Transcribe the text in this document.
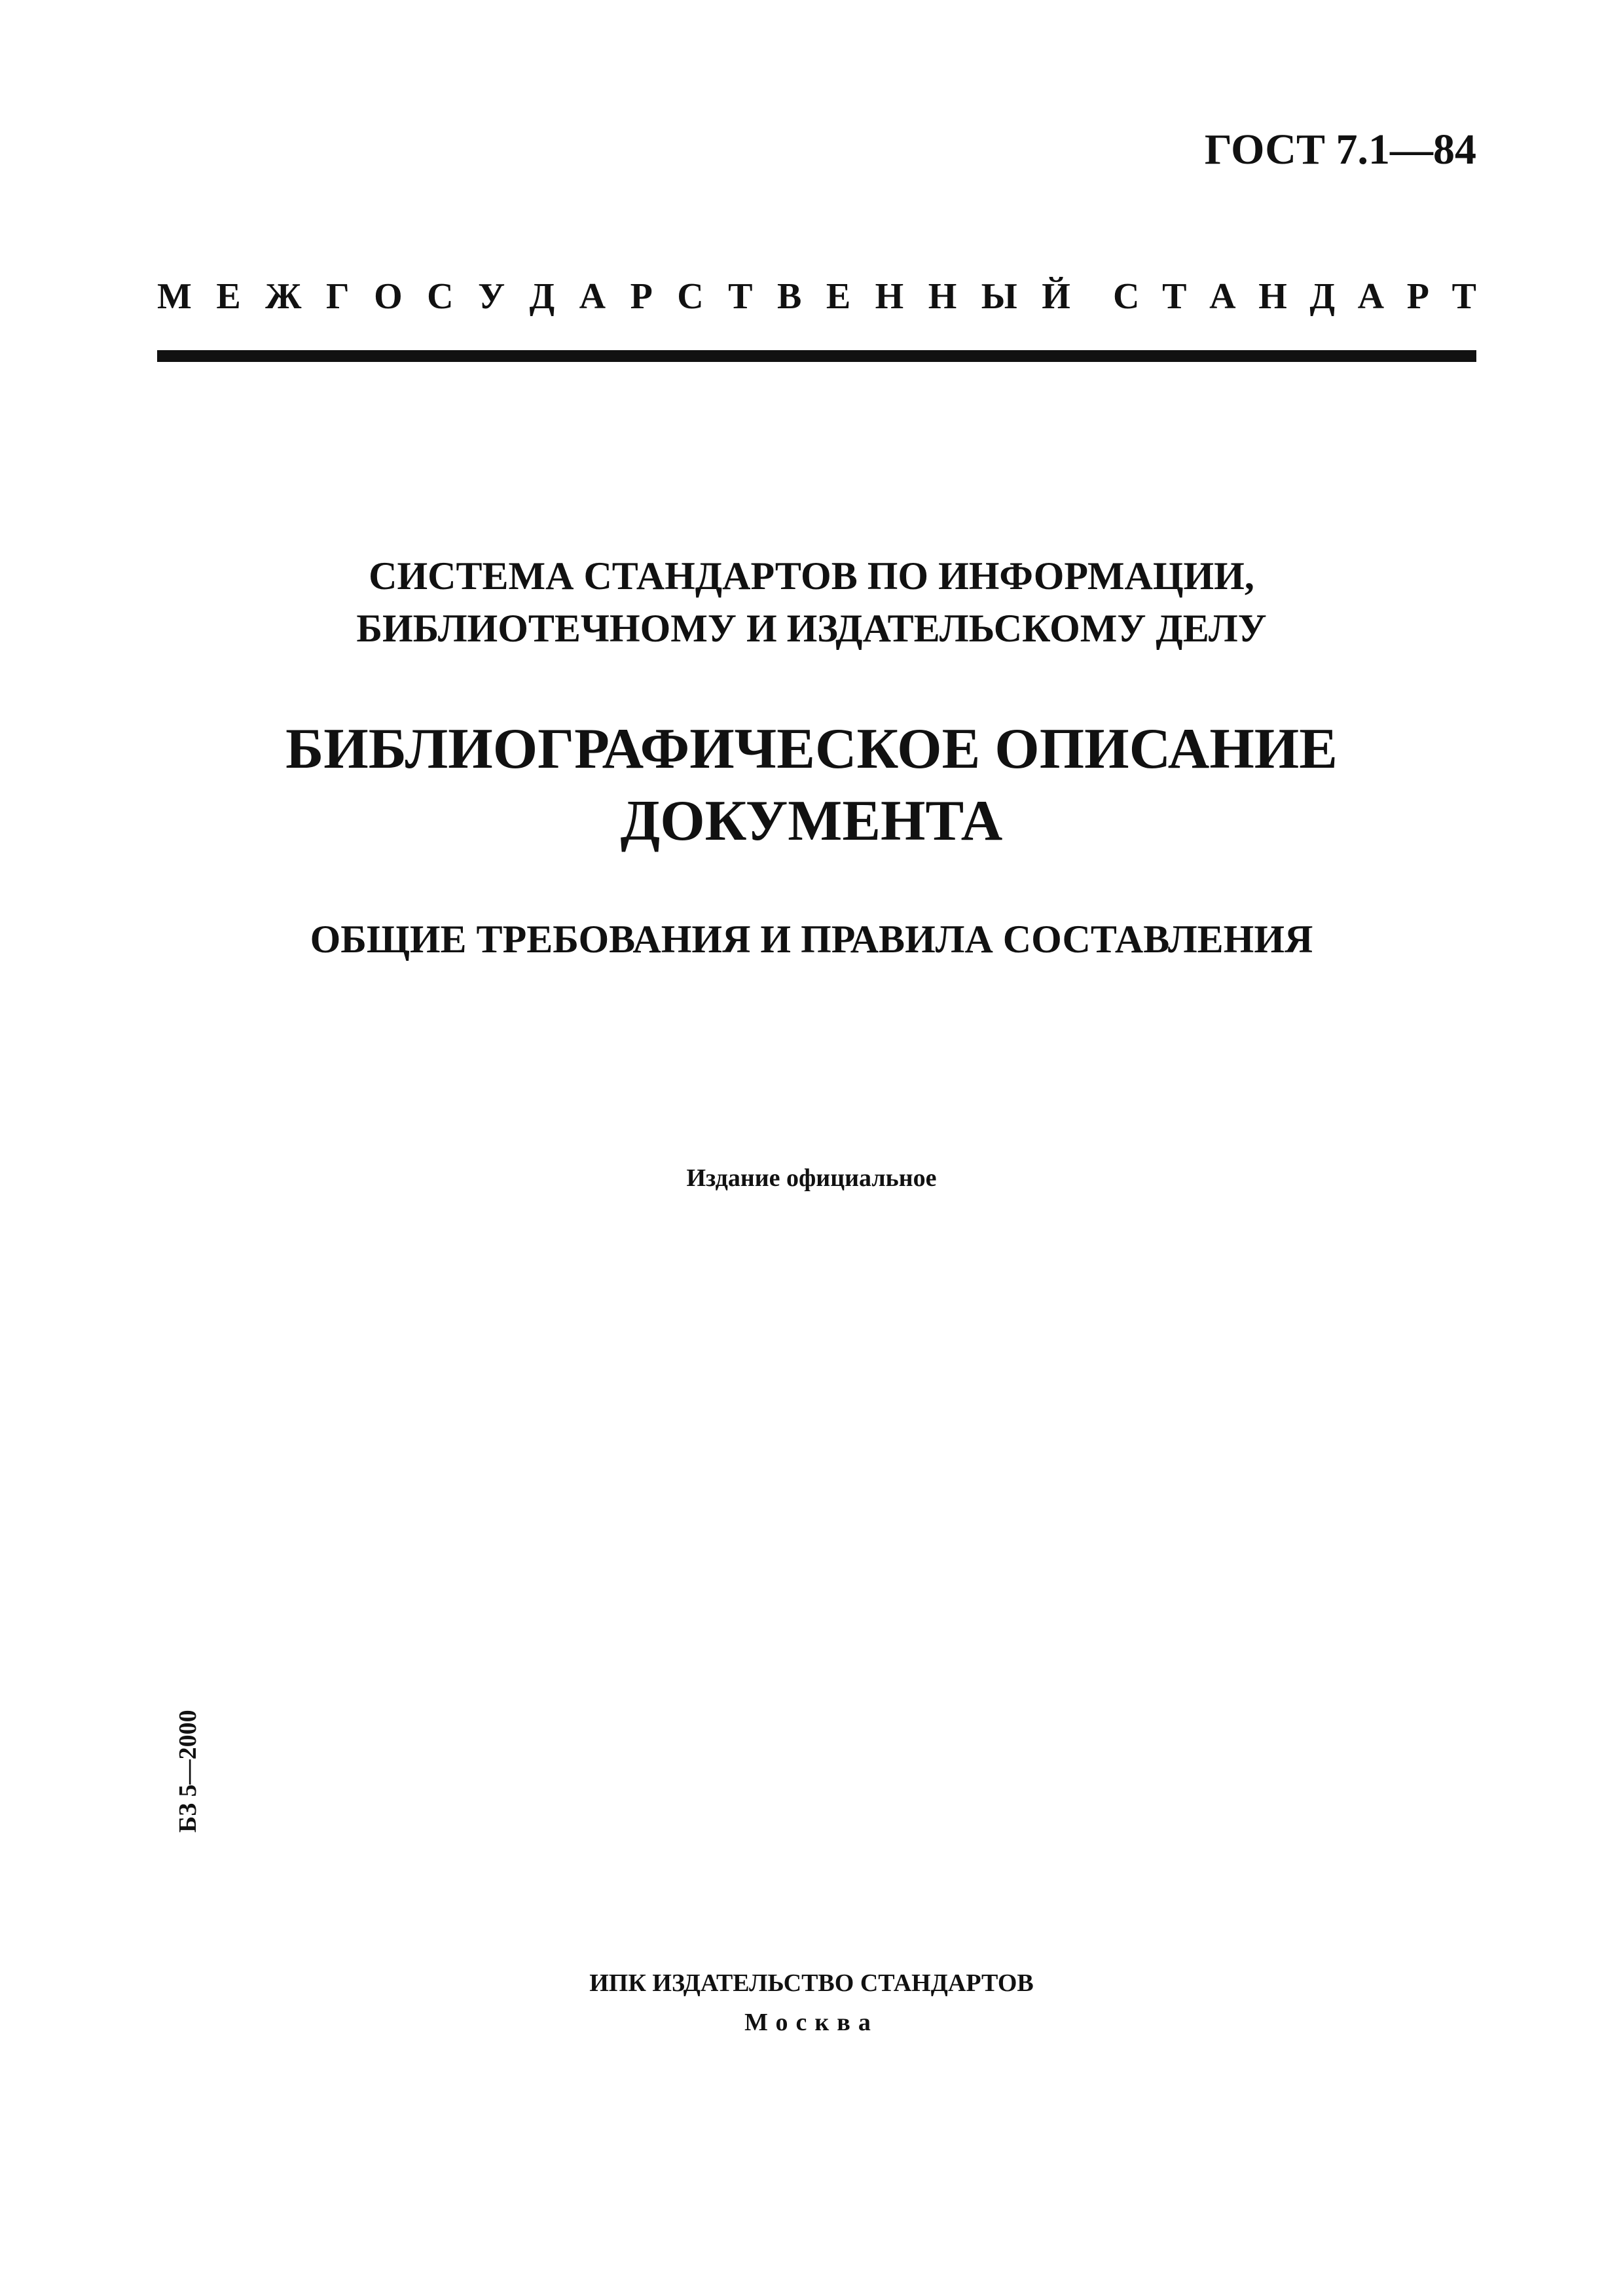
ГОСТ 7.1—84
М Е Ж Г О С У Д А Р С Т В Е Н Н Ы Й С Т А Н Д А Р Т
СИСТЕМА СТАНДАРТОВ ПО ИНФОРМАЦИИ,
БИБЛИОТЕЧНОМУ И ИЗДАТЕЛЬСКОМУ ДЕЛУ
БИБЛИОГРАФИЧЕСКОЕ ОПИСАНИЕ
ДОКУМЕНТА
ОБЩИЕ ТРЕБОВАНИЯ И ПРАВИЛА СОСТАВЛЕНИЯ
Издание официальное
БЗ 5—2000
ИПК ИЗДАТЕЛЬСТВО СТАНДАРТОВ
Москва
